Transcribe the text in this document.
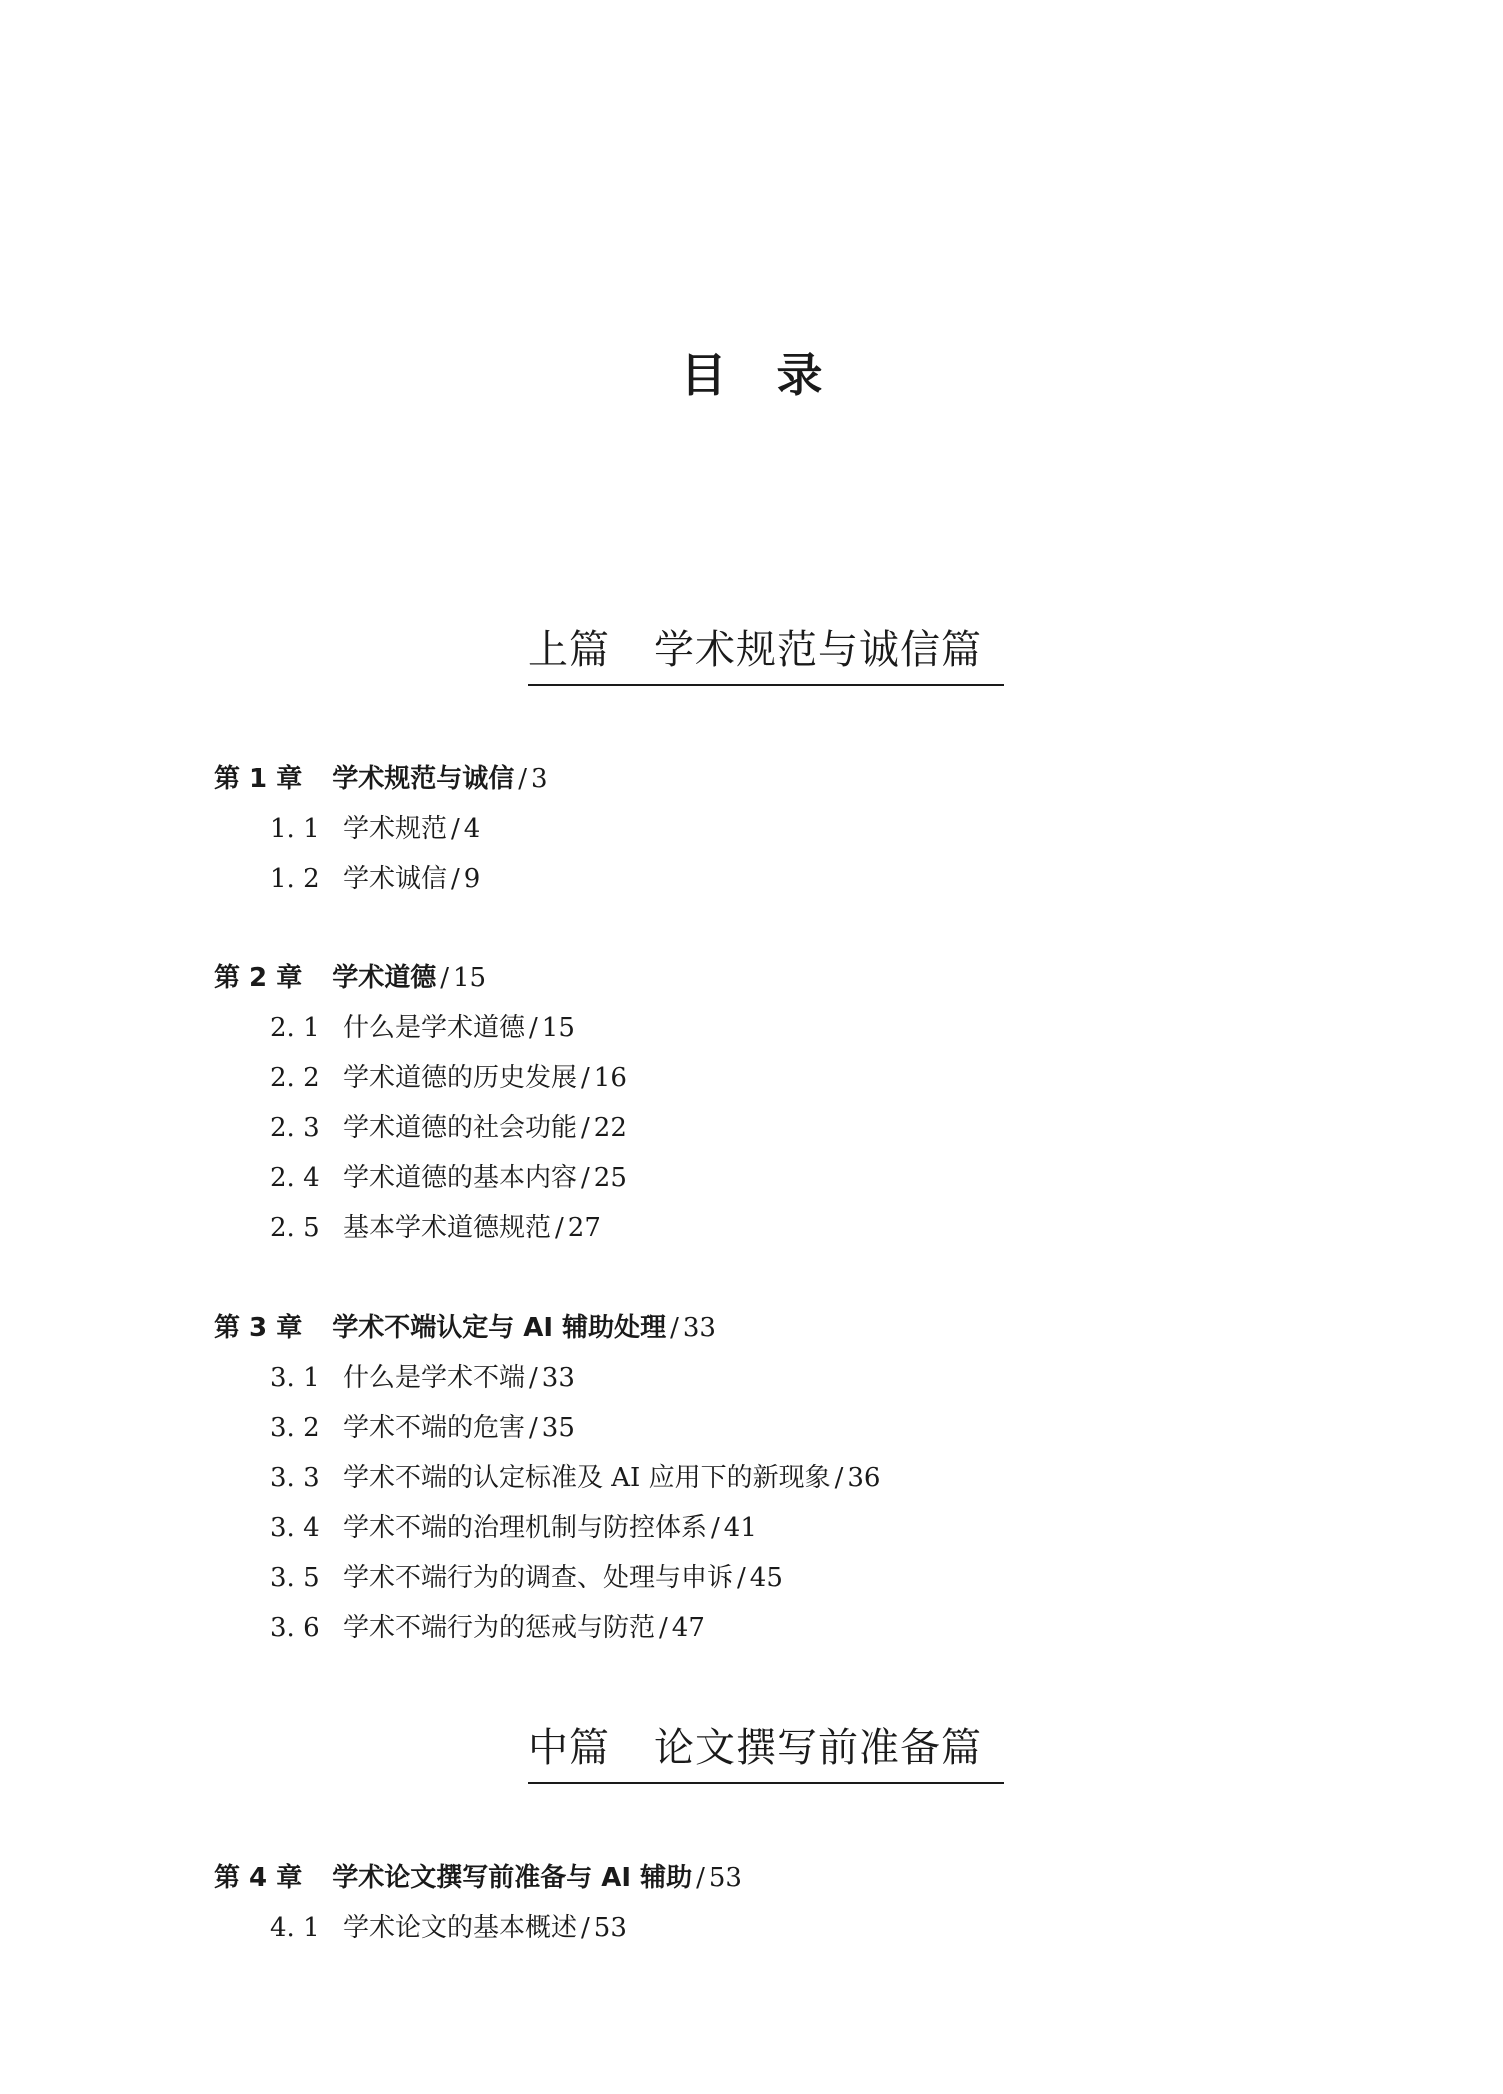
目录
上篇 学术规范与诚信篇
第 1 章 学术规范与诚信 / 3
1. 1 学术规范 / 4
1. 2 学术诚信 / 9
第 2 章 学术道德 / 15
2. 1 什么是学术道德 / 15
2. 2 学术道德的历史发展 / 16
2. 3 学术道德的社会功能 / 22
2. 4 学术道德的基本内容 / 25
2. 5 基本学术道德规范 / 27
第 3 章 学术不端认定与 AI 辅助处理 / 33
3. 1 什么是学术不端 / 33
3. 2 学术不端的危害 / 35
3. 3 学术不端的认定标准及 AI 应用下的新现象 / 36
3. 4 学术不端的治理机制与防控体系 / 41
3. 5 学术不端行为的调查、处理与申诉 / 45
3. 6 学术不端行为的惩戒与防范 / 47
中篇 论文撰写前准备篇
第 4 章 学术论文撰写前准备与 AI 辅助 / 53
4. 1 学术论文的基本概述 / 53
